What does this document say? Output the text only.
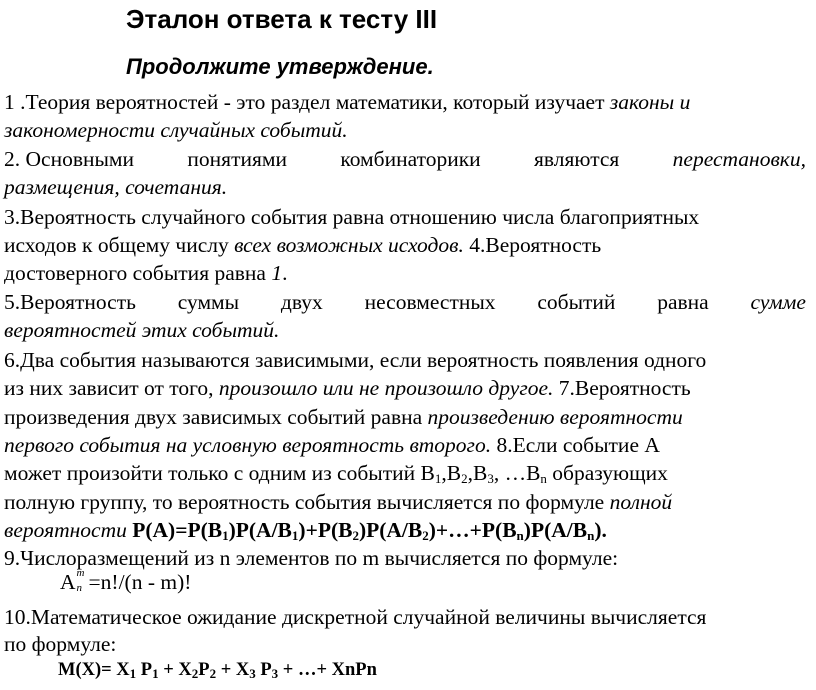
Эталон ответа к тесту III
Продолжите утверждение.
1 .Теория вероятностей - это раздел математики, который изучает законы и
закономерности случайных событий.
2. Основными понятиями комбинаторики являются перестановки,
размещения, сочетания.
3.Вероятность случайного события равна отношению числа благоприятных
исходов к общему числу всех возможных исходов. 4.Вероятность
достоверного события равна 1.
5.Вероятность суммы двух несовместных событий равна сумме
вероятностей этих событий.
6.Два события называются зависимыми, если вероятность появления одного
из них зависит от того, произошло или не произошло другое. 7.Вероятность
произведения двух зависимых событий равна произведению вероятности
первого события на условную вероятность второго. 8.Если событие А
может произойти только с одним из событий $В_1,В_2,В_3$, $\dots В_n$ образующих
полную группу, то вероятность события вычисляется по формуле полной
вероятности $Р(А)=Р(В_1)Р(А/В_1)+Р(В_2)Р(А/В_2)+\dots+Р(В_n)Р(А/В_n)$.
9.Числоразмещений из n элементов по m вычисляется по формуле:
А m
n =n!/(n - m)!
10.Математическое ожидание дискретной случайной величины вычисляется
по формуле:
$М(Х)= Х_1$ $Р_1 + Х_2Р_2 + Х_3$ $Р_3$ + …+ ХnРn
